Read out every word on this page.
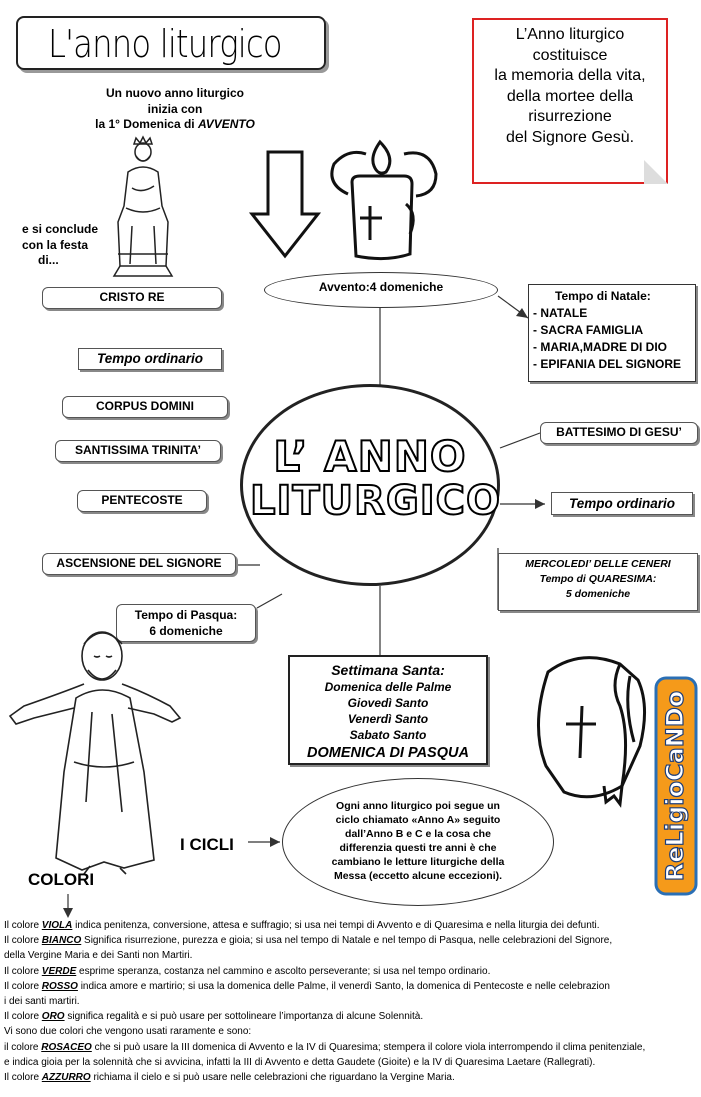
L'anno liturgico	L’Anno liturgico
costituisce
la memoria della vita,
della mortee della
risurrezione
del Signore Gesù.
Un nuovo anno liturgico
inizia con
la 1° Domenica di AVVENTO
e si conclude
con la festa
di...
CRISTO RE
Avvento:4 domeniche
Tempo di Natale:
- NATALE
- SACRA FAMIGLIA
- MARIA,MADRE DI DIO
- EPIFANIA DEL SIGNORE
Tempo ordinario
CORPUS DOMINI
SANTISSIMA TRINITA’
PENTECOSTE
ASCENSIONE DEL SIGNORE
Tempo di Pasqua:
6 domeniche
BATTESIMO DI GESU’
Tempo ordinario
MERCOLEDI’ DELLE CENERI
Tempo di QUARESIMA:
5 domeniche
L’ ANNO
LITURGICO
Settimana Santa:
Domenica delle Palme
Giovedì Santo
Venerdì Santo
Sabato Santo
DOMENICA DI PASQUA	ReLigioCaNDo
I CICLI
Ogni anno liturgico poi segue un
ciclo chiamato «Anno A» seguito
dall’Anno B e C e la cosa che
differenzia questi tre anni è che
cambiano le letture liturgiche della
Messa (eccetto alcune eccezioni).
COLORI
Il colore VIOLA indica penitenza, conversione, attesa e suffragio; si usa nei tempi di Avvento e di Quaresima e nella liturgia dei defunti.
Il colore BIANCO Significa risurrezione, purezza e gioia; si usa nel tempo di Natale e nel tempo di Pasqua, nelle celebrazioni del Signore,
della Vergine Maria e dei Santi non Martiri.
Il colore VERDE esprime speranza, costanza nel cammino e ascolto perseverante; si usa nel tempo ordinario.
Il colore ROSSO indica amore e martirio; si usa la domenica delle Palme, il venerdì Santo, la domenica di Pentecoste e nelle celebrazion
i dei santi martiri.
Il colore ORO significa regalità e si può usare per sottolineare l’importanza di alcune Solennità.
Vi sono due colori che vengono usati raramente e sono:
il colore ROSACEO che si può usare la III domenica di Avvento e la IV di Quaresima; stempera il colore viola interrompendo il clima penitenziale,
e indica gioia per la solennità che si avvicina, infatti la III di Avvento e detta Gaudete (Gioite) e la IV di Quaresima Laetare (Rallegrati).
Il colore AZZURRO richiama il cielo e si può usare nelle celebrazioni che riguardano la Vergine Maria.
